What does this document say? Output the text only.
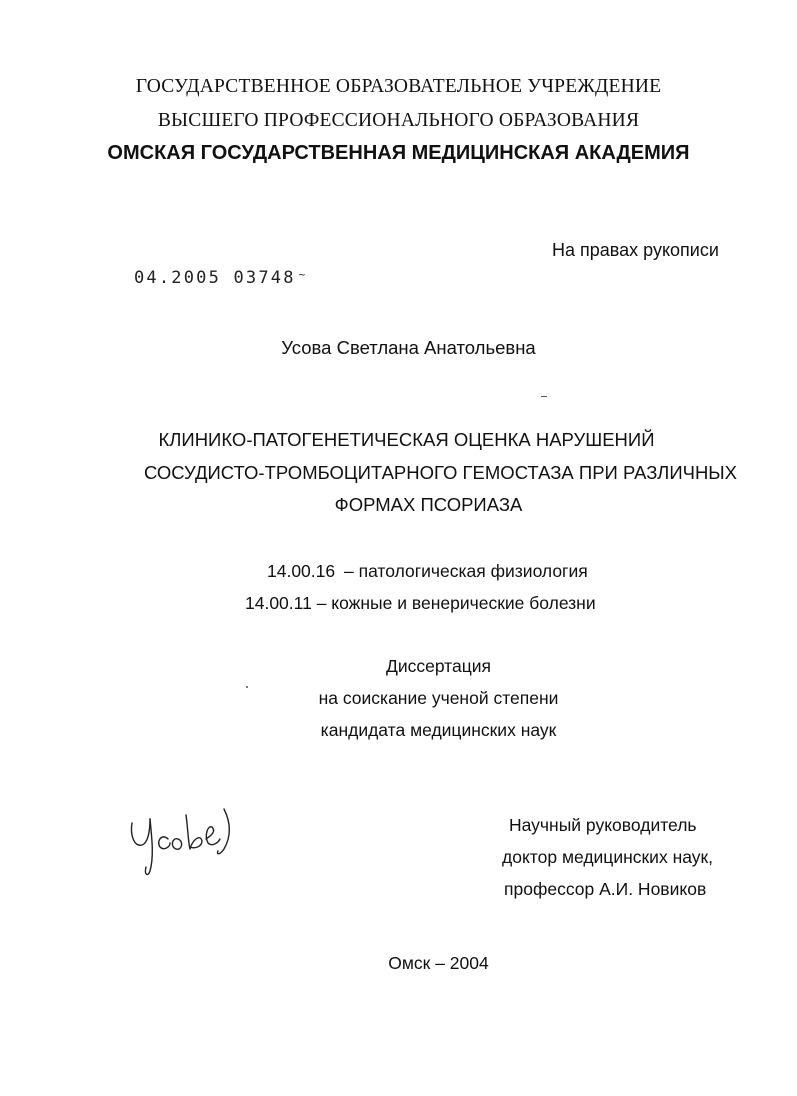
ГОСУДАРСТВЕННОЕ ОБРАЗОВАТЕЛЬНОЕ УЧРЕЖДЕНИЕ
ВЫСШЕГО ПРОФЕССИОНАЛЬНОГО ОБРАЗОВАНИЯ
ОМСКАЯ ГОСУДАРСТВЕННАЯ МЕДИЦИНСКАЯ АКАДЕМИЯ
На правах рукописи
04.2005 03748 ~
Усова Светлана Анатольевна
КЛИНИКО-ПАТОГЕНЕТИЧЕСКАЯ ОЦЕНКА НАРУШЕНИЙ
СОСУДИСТО-ТРОМБОЦИТАРНОГО ГЕМОСТАЗА ПРИ РАЗЛИЧНЫХ
ФОРМАХ ПСОРИАЗА
14.00.16 – патологическая физиология
14.00.11 – кожные и венерические болезни
Диссертация
на соискание ученой степени
кандидата медицинских наук
Научный руководитель
доктор медицинских наук,
профессор А.И. Новиков
Омск – 2004
